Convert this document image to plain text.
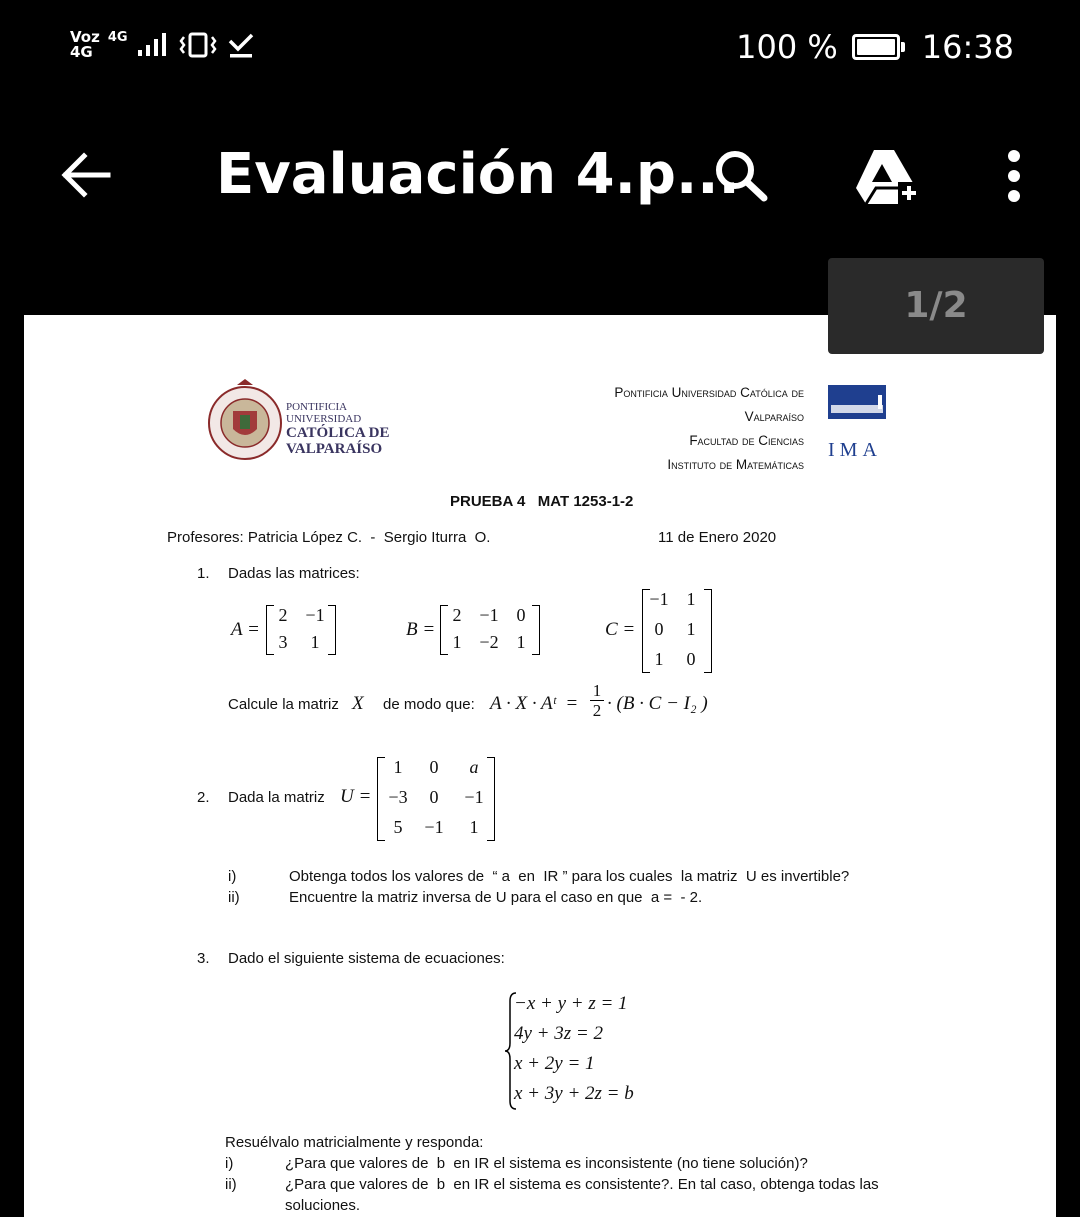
Voz
4G
4G	100 %	16:38
Evaluación 4.p...
PONTIFICIA
UNIVERSIDAD
CATÓLICA DE
VALPARAÍSO
Pontificia Universidad Católica de
Valparaíso
Facultad de Ciencias
Instituto de Matemáticas
IMA
PRUEBA 4   MAT 1253-1-2
Profesores: Patricia López C.  -  Sergio Iturra  O.	11 de Enero 2020
1. Dadas las matrices:
A =
2 −1
3	1
B =
2 −1 0
1 −2 1
C =
−1 1
0	1
1	0
Calcule la matriz X de modo que: A · X · Aᵗ  =
1
2 · (B · C − I₂ )
2. Dada la matriz U =
1	0	a
−3	0	−1
5	−1	1
i)	Obtenga todos los valores de  “ a  en  IR ” para los cuales  la matriz  U es invertible?
ii)	Encuentre la matriz inversa de U para el caso en que  a =  - 2.
3. Dado el siguiente sistema de ecuaciones:
−x + y + z = 1
4y + 3z = 2
x + 2y = 1
x + 3y + 2z = b
Resuélvalo matricialmente y responda:
i)	¿Para que valores de  b  en IR el sistema es inconsistente (no tiene solución)?
ii)	¿Para que valores de  b  en IR el sistema es consistente?. En tal caso, obtenga todas las
soluciones.
1/2
